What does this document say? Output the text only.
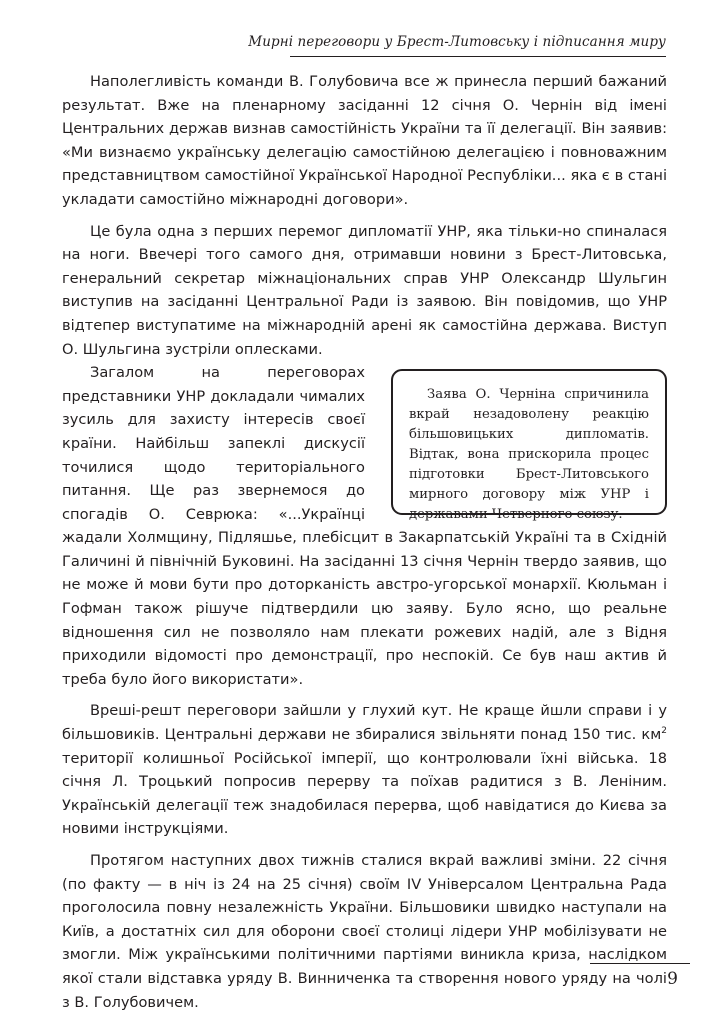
Мирні переговори у Брест-Литовську і підписання миру

Наполегливість команди В. Голубовича все ж принесла перший бажаний результат. Вже на пленарному засіданні 12 січня О. Чернін від імені Центральних держав визнав самостійність України та її делегації. Він заявив: «Ми визнаємо українську делегацію самостійною делегацією і повноважним представництвом самостійної Української Народної Республіки... яка є в стані укладати самостійно міжнародні договори».

Це була одна з перших перемог дипломатії УНР, яка тільки-но спиналася на ноги. Ввечері того самого дня, отримавши новини з Брест-Литовська, генеральний секретар міжнаціональних справ УНР Олександр Шульгин виступив на засіданні Центральної Ради із заявою. Він повідомив, що УНР відтепер виступатиме на міжнародній арені як самостійна держава. Виступ О. Шульгина зустріли оплесками.

Заява О. Черніна спричинила вкрай незадоволену реакцію більшовицьких дипломатів. Відтак, вона прискорила процес підготовки Брест-Литовського мирного договору між УНР і державами Четверного союзу.

Загалом на переговорах представники УНР докладали чималих зусиль для захисту інтересів своєї країни. Найбільш запеклі дискусії точилися щодо територіального питання. Ще раз звернемося до спогадів О. Севрюка: «...Українці жадали Холмщину, Підляшье, плебісцит в Закарпатській Україні та в Східній Галичині й північній Буковині. На засіданні 13 січня Чернін твердо заявив, що не може й мови бути про доторканість австро-угорської монархії. Кюльман і Гофман також рішуче підтвердили цю заяву. Було ясно, що реальне відношення сил не позволяло нам плекати рожевих надій, але з Відня приходили відомості про демонстрації, про неспокій. Се був наш актив й треба було його використати».

Вреші-решт переговори зайшли у глухий кут. Не краще йшли справи і у більшовиків. Центральні держави не збиралися звільняти понад 150 тис. $км^2$ території колишньої Російської імперії, що контролювали їхні війська. 18 січня Л. Троцький попросив перерву та поїхав радитися з В. Леніним. Українській делегації теж знадобилася перерва, щоб навідатися до Києва за новими інструкціями.

Протягом наступних двох тижнів сталися вкрай важливі зміни. 22 січня (по факту — в ніч із 24 на 25 січня) своїм IV Універсалом Центральна Рада проголосила повну незалежність України. Більшовики швидко наступали на Київ, а достатніх сил для оборони своєї столиці лідери УНР мобілізувати не змогли. Між українськими політичними партіями виникла криза, наслідком якої стали відставка уряду В. Винниченка та створення нового уряду на чолі з В. Голубовичем.

9
